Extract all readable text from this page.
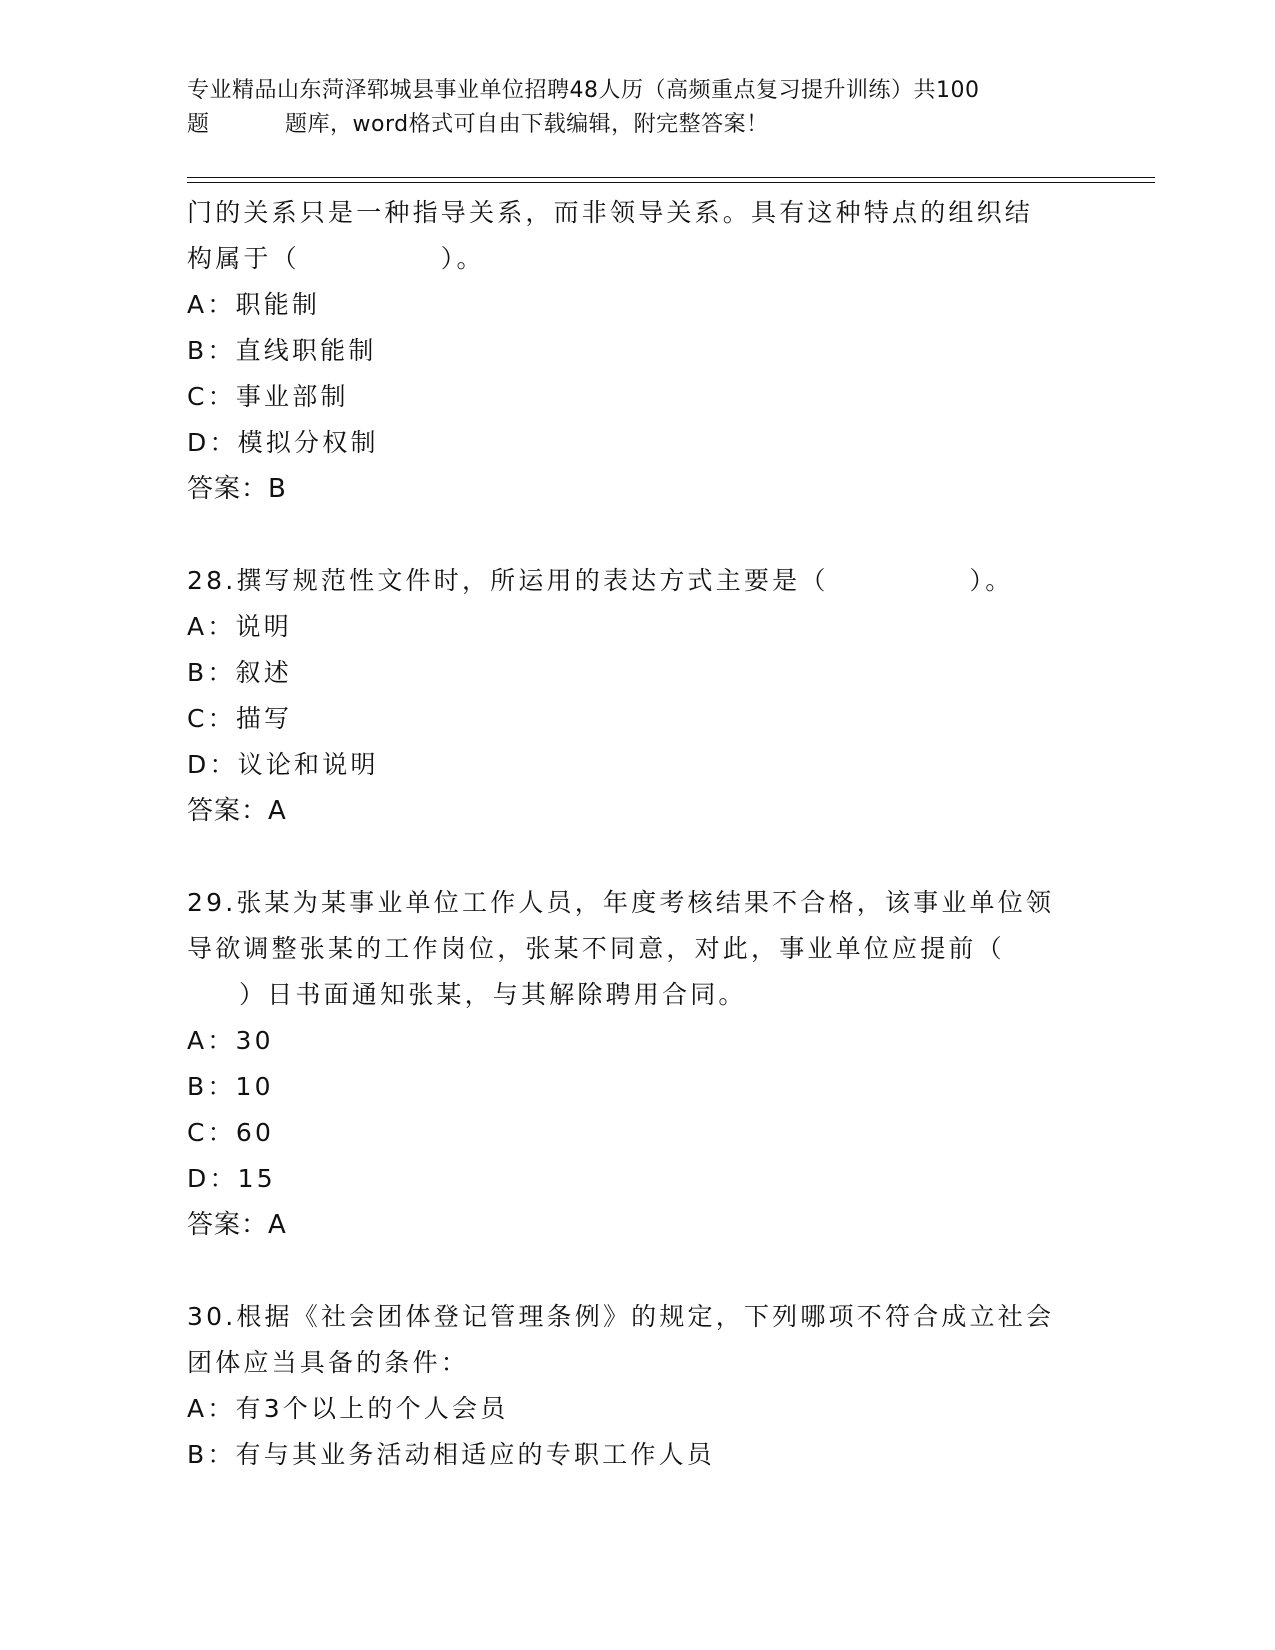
专业精品山东菏泽郓城县事业单位招聘48人历（高频重点复习提升训练）共100
题	题库，word格式可自由下载编辑，附完整答案！
门的关系只是一种指导关系，而非领导关系。具有这种特点的组织结
构属于（　　　　　）。
A：职能制
B：直线职能制
C：事业部制
D：模拟分权制
答案：B
28.撰写规范性文件时，所运用的表达方式主要是（　　　　　）。
A：说明
B：叙述
C：描写
D：议论和说明
答案：A
29.张某为某事业单位工作人员，年度考核结果不合格，该事业单位领
导欲调整张某的工作岗位，张某不同意，对此，事业单位应提前（
）日书面通知张某，与其解除聘用合同。
A：30
B：10
C：60
D：15
答案：A
30.根据《社会团体登记管理条例》的规定，下列哪项不符合成立社会
团体应当具备的条件：
A：有3个以上的个人会员
B：有与其业务活动相适应的专职工作人员
